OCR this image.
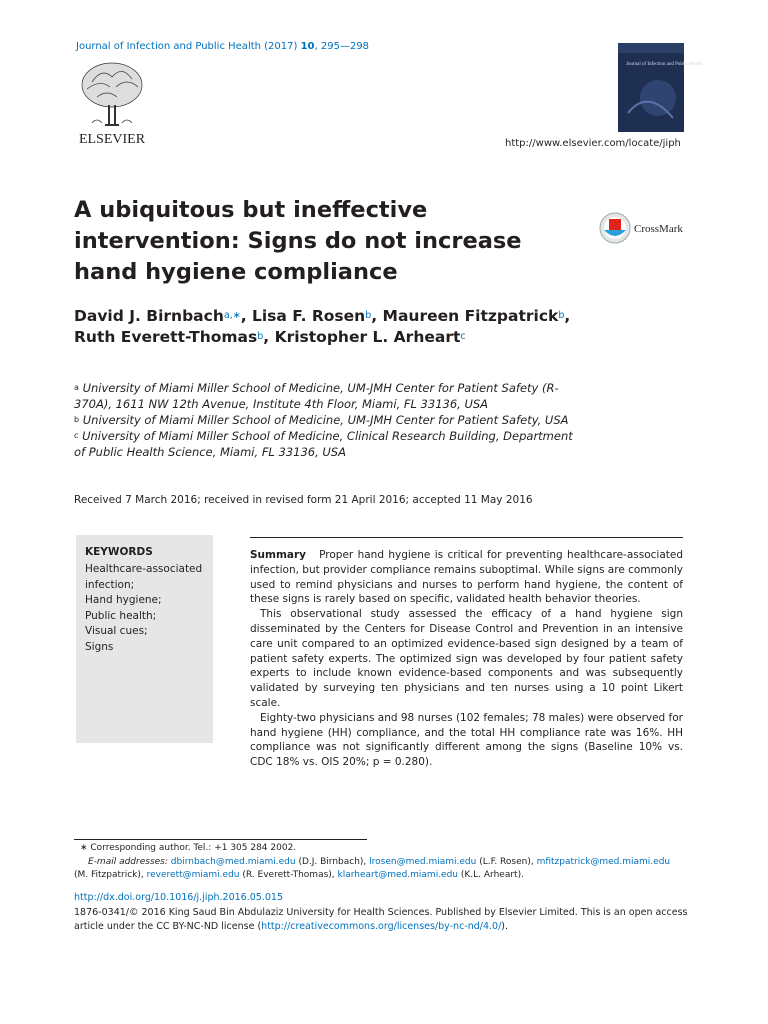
Journal of Infection and Public Health (2017) 10, 295—298
ELSEVIER
Journal of Infection and Public Health
http://www.elsevier.com/locate/jiph
A ubiquitous but ineffective intervention: Signs do not increase hand hygiene compliance
CrossMark
David J. Birnbach$^{a,∗}$, Lisa F. Rosen$^b$, Maureen Fitzpatrick$^b$,
Ruth Everett-Thomas$^b$, Kristopher L. Arheart$^c$
$^a$ University of Miami Miller School of Medicine, UM-JMH Center for Patient Safety (R-370A), 1611 NW 12th Avenue, Institute 4th Floor, Miami, FL 33136, USA
$^b$ University of Miami Miller School of Medicine, UM-JMH Center for Patient Safety, USA
$^c$ University of Miami Miller School of Medicine, Clinical Research Building, Department of Public Health Science, Miami, FL 33136, USA
Received 7 March 2016; received in revised form 21 April 2016; accepted 11 May 2016
KEYWORDS
Healthcare-associated infection;
Hand hygiene;
Public health;
Visual cues;
Signs

Summary Proper hand hygiene is critical for preventing healthcare-associated infection, but provider compliance remains suboptimal. While signs are commonly used to remind physicians and nurses to perform hand hygiene, the content of these signs is rarely based on specific, validated health behavior theories.

This observational study assessed the efficacy of a hand hygiene sign disseminated by the Centers for Disease Control and Prevention in an intensive care unit compared to an optimized evidence-based sign designed by a team of patient safety experts. The optimized sign was developed by four patient safety experts to include known evidence-based components and was subsequently validated by surveying ten physicians and ten nurses using a 10 point Likert scale.

Eighty-two physicians and 98 nurses (102 females; 78 males) were observed for hand hygiene (HH) compliance, and the total HH compliance rate was 16%. HH compliance was not significantly different among the signs (Baseline 10% vs. CDC 18% vs. OIS 20%; p = 0.280).

∗ Corresponding author. Tel.: +1 305 284 2002.
E-mail addresses: dbirnbach@med.miami.edu (D.J. Birnbach), lrosen@med.miami.edu (L.F. Rosen), mfitzpatrick@med.miami.edu
(M. Fitzpatrick), reverett@miami.edu (R. Everett-Thomas), klarheart@med.miami.edu (K.L. Arheart).
http://dx.doi.org/10.1016/j.jiph.2016.05.015
1876-0341/© 2016 King Saud Bin Abdulaziz University for Health Sciences. Published by Elsevier Limited. This is an open access article under the CC BY-NC-ND license (http://creativecommons.org/licenses/by-nc-nd/4.0/).
